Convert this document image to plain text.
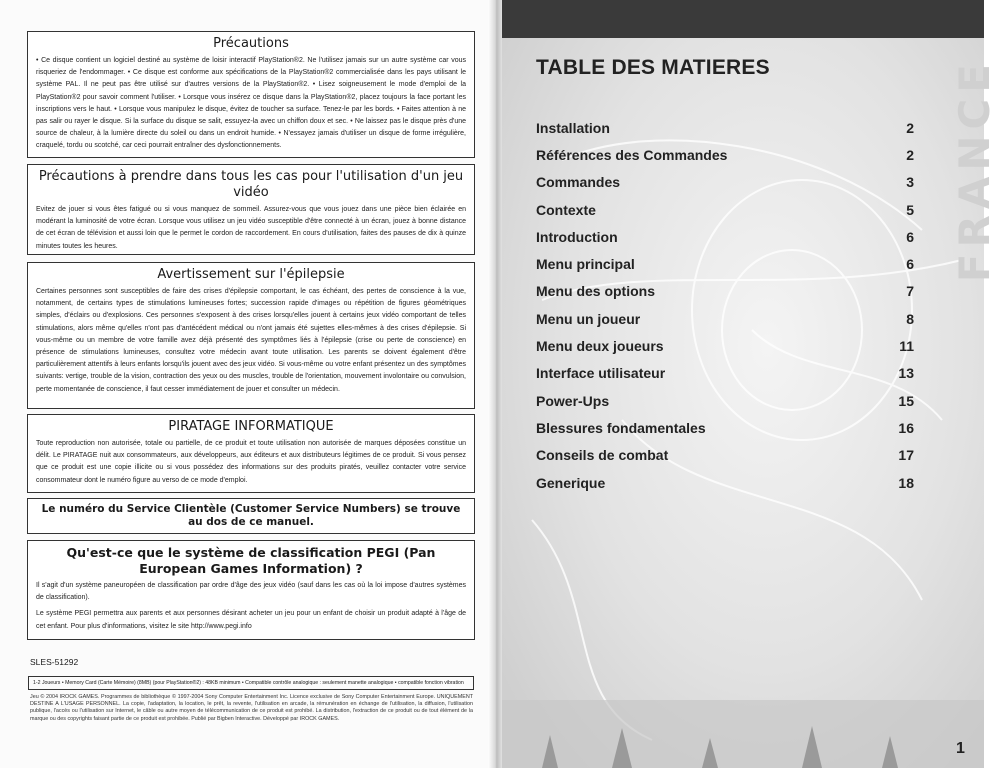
Précautions

• Ce disque contient un logiciel destiné au système de loisir interactif PlayStation®2. Ne l'utilisez jamais sur un autre système car vous risqueriez de l'endommager. • Ce disque est conforme aux spécifications de la PlayStation®2 commercialisée dans les pays utilisant le système PAL. Il ne peut pas être utilisé sur d'autres versions de la PlayStation®2. • Lisez soigneusement le mode d'emploi de la PlayStation®2 pour savoir comment l'utiliser. • Lorsque vous insérez ce disque dans la PlayStation®2, placez toujours la face portant les inscriptions vers le haut. • Lorsque vous manipulez le disque, évitez de toucher sa surface. Tenez-le par les bords. • Faites attention à ne pas salir ou rayer le disque. Si la surface du disque se salit, essuyez-la avec un chiffon doux et sec. • Ne laissez pas le disque près d'une source de chaleur, à la lumière directe du soleil ou dans un endroit humide. • N'essayez jamais d'utiliser un disque de forme irrégulière, craquelé, tordu ou scotché, car ceci pourrait entraîner des dysfonctionnements.

Précautions à prendre dans tous les cas pour l'utilisation d'un jeu vidéo

Evitez de jouer si vous êtes fatigué ou si vous manquez de sommeil. Assurez-vous que vous jouez dans une pièce bien éclairée en modérant la luminosité de votre écran. Lorsque vous utilisez un jeu vidéo susceptible d'être connecté à un écran, jouez à bonne distance de cet écran de télévision et aussi loin que le permet le cordon de raccordement. En cours d'utilisation, faites des pauses de dix à quinze minutes toutes les heures.

Avertissement sur l'épilepsie

Certaines personnes sont susceptibles de faire des crises d'épilepsie comportant, le cas échéant, des pertes de conscience à la vue, notamment, de certains types de stimulations lumineuses fortes; succession rapide d'images ou répétition de figures géométriques simples, d'éclairs ou d'explosions. Ces personnes s'exposent à des crises lorsqu'elles jouent à certains jeux vidéo comportant de telles stimulations, alors même qu'elles n'ont pas d'antécédent médical ou n'ont jamais été sujettes elles-mêmes à des crises d'épilepsie. Si vous-même ou un membre de votre famille avez déjà présenté des symptômes liés à l'épilepsie (crise ou perte de conscience) en présence de stimulations lumineuses, consultez votre médecin avant toute utilisation. Les parents se doivent également d'être particulièrement attentifs à leurs enfants lorsqu'ils jouent avec des jeux vidéo. Si vous-même ou votre enfant présentez un des symptômes suivants: vertige, trouble de la vision, contraction des yeux ou des muscles, trouble de l'orientation, mouvement involontaire ou convulsion, perte momentanée de conscience, il faut cesser immédiatement de jouer et consulter un médecin.

PIRATAGE INFORMATIQUE

Toute reproduction non autorisée, totale ou partielle, de ce produit et toute utilisation non autorisée de marques déposées constitue un délit. Le PIRATAGE nuit aux consommateurs, aux développeurs, aux éditeurs et aux distributeurs légitimes de ce produit. Si vous pensez que ce produit est une copie illicite ou si vous possédez des informations sur des produits piratés, veuillez contacter votre service consommateur dont le numéro figure au verso de ce mode d'emploi.

Le numéro du Service Clientèle (Customer Service Numbers) se trouve au dos de ce manuel.
Qu'est-ce que le système de classification PEGI (Pan European Games Information) ?

Il s'agit d'un système paneuropéen de classification par ordre d'âge des jeux vidéo (sauf dans les cas où la loi impose d'autres systèmes de classification).

Le système PEGI permettra aux parents et aux personnes désirant acheter un jeu pour un enfant de choisir un produit adapté à l'âge de cet enfant. Pour plus d'informations, visitez le site http://www.pegi.info

SLES-51292
1-2 Joueurs • Memory Card (Carte Mémoire) (8MB) (pour PlayStation®2) : 48KB minimum • Compatible contrôle analogique : seulement manette analogique • compatible fonction vibration
Jeu © 2004 IROCK GAMES. Programmes de bibliothèque © 1997-2004 Sony Computer Entertainment Inc. Licence exclusive de Sony Computer Entertainment Europe. UNIQUEMENT DESTINE A L'USAGE PERSONNEL. La copie, l'adaptation, la location, le prêt, la revente, l'utilisation en arcade, la rémunération en échange de l'utilisation, la diffusion, l'utilisation publique, l'accès ou l'utilisation sur Internet, le câble ou autre moyen de télécommunication de ce produit est prohibé. La distribution, l'extraction de ce produit ou de tout élément de la marque ou des copyrights faisant partie de ce produit est prohibée. Publié par Bigben Interactive. Développé par IROCK GAMES.
FRANCE
TABLE DES MATIERES
Installation	2
Références des Commandes	2
Commandes	3
Contexte	5
Introduction	6
Menu principal	6
Menu des options	7
Menu un joueur	8
Menu deux joueurs	11
Interface utilisateur	13
Power-Ups	15
Blessures fondamentales	16
Conseils de combat	17
Generique	18
1
